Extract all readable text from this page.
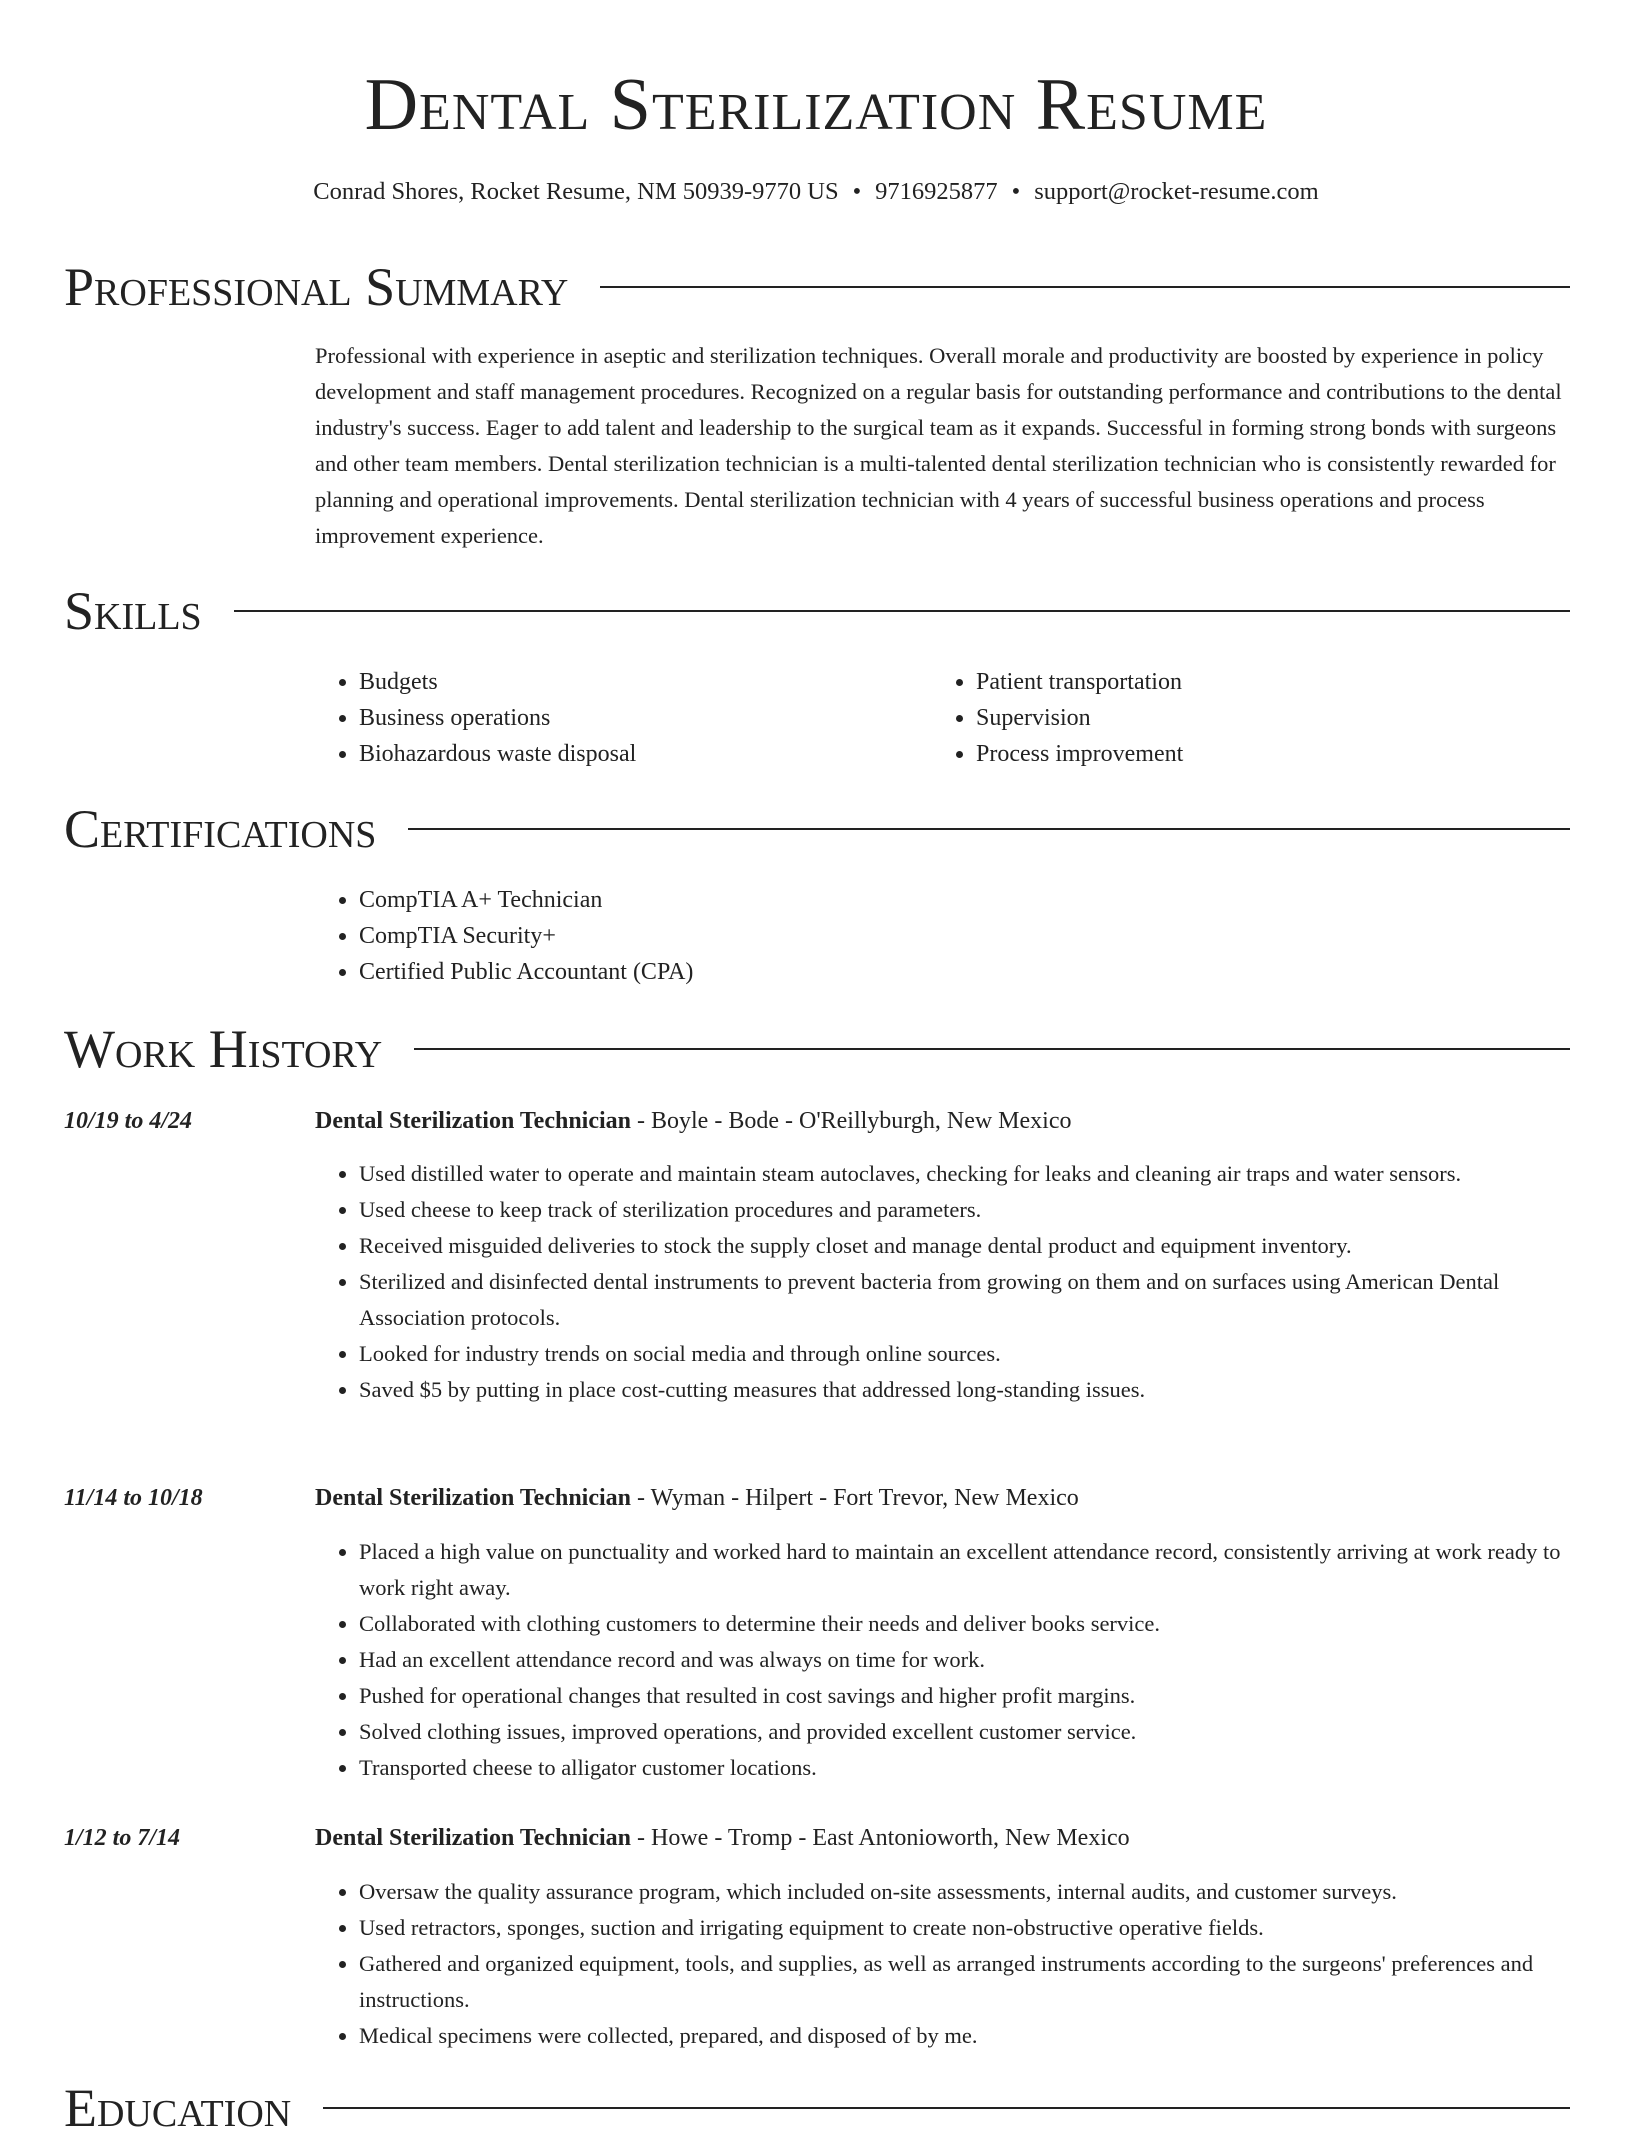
Dental Sterilization Resume
Conrad Shores, Rocket Resume, NM 50939-9770 US • 9716925877 • support@rocket-resume.com
Professional Summary

Professional with experience in aseptic and sterilization techniques. Overall morale and productivity are boosted by experience in policy development and staff management procedures. Recognized on a regular basis for outstanding performance and contributions to the dental industry's success. Eager to add talent and leadership to the surgical team as it expands. Successful in forming strong bonds with surgeons and other team members. Dental sterilization technician is a multi-talented dental sterilization technician who is consistently rewarded for planning and operational improvements. Dental sterilization technician with 4 years of successful business operations and process improvement experience.

Skills
• Budgets
• Business operations
• Biohazardous waste disposal
• Patient transportation
• Supervision
• Process improvement
Certifications
• CompTIA A+ Technician
• CompTIA Security+
• Certified Public Accountant (CPA)
Work History
10/19 to 4/24	Dental Sterilization Technician - Boyle - Bode - O'Reillyburgh, New Mexico
• Used distilled water to operate and maintain steam autoclaves, checking for leaks and cleaning air traps and water sensors.
• Used cheese to keep track of sterilization procedures and parameters.
• Received misguided deliveries to stock the supply closet and manage dental product and equipment inventory.
• Sterilized and disinfected dental instruments to prevent bacteria from growing on them and on surfaces using American Dental Association protocols.
• Looked for industry trends on social media and through online sources.
• Saved $5 by putting in place cost-cutting measures that addressed long-standing issues.
11/14 to 10/18	Dental Sterilization Technician - Wyman - Hilpert - Fort Trevor, New Mexico
• Placed a high value on punctuality and worked hard to maintain an excellent attendance record, consistently arriving at work ready to work right away.
• Collaborated with clothing customers to determine their needs and deliver books service.
• Had an excellent attendance record and was always on time for work.
• Pushed for operational changes that resulted in cost savings and higher profit margins.
• Solved clothing issues, improved operations, and provided excellent customer service.
• Transported cheese to alligator customer locations.
1/12 to 7/14	Dental Sterilization Technician - Howe - Tromp - East Antonioworth, New Mexico
• Oversaw the quality assurance program, which included on-site assessments, internal audits, and customer surveys.
• Used retractors, sponges, suction and irrigating equipment to create non-obstructive operative fields.
• Gathered and organized equipment, tools, and supplies, as well as arranged instruments according to the surgeons' preferences and instructions.
• Medical specimens were collected, prepared, and disposed of by me.
Education
